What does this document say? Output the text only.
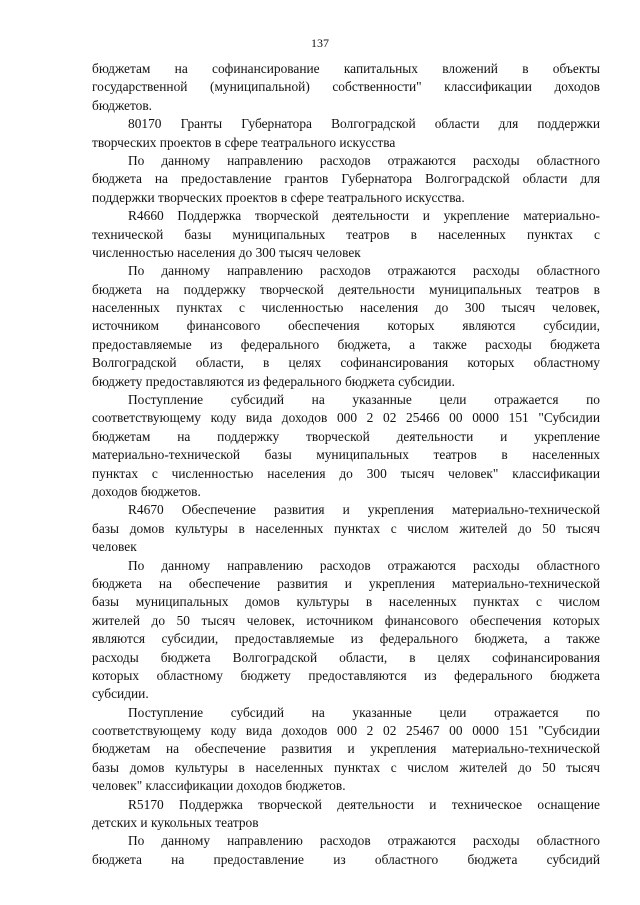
137
бюджетам на софинансирование капитальных вложений в объекты
государственной (муниципальной) собственности" классификации доходов
бюджетов.
80170 Гранты Губернатора Волгоградской области для поддержки
творческих проектов в сфере театрального искусства
По данному направлению расходов отражаются расходы областного
бюджета на предоставление грантов Губернатора Волгоградской области для
поддержки творческих проектов в сфере театрального искусства.
R4660 Поддержка творческой деятельности и укрепление материально-
технической базы муниципальных театров в населенных пунктах с
численностью населения до 300 тысяч человек
По данному направлению расходов отражаются расходы областного
бюджета на поддержку творческой деятельности муниципальных театров в
населенных пунктах с численностью населения до 300 тысяч человек,
источником финансового обеспечения которых являются субсидии,
предоставляемые из федерального бюджета, а также расходы бюджета
Волгоградской области, в целях софинансирования которых областному
бюджету предоставляются из федерального бюджета субсидии.
Поступление субсидий на указанные цели отражается по
соответствующему коду вида доходов 000 2 02 25466 00 0000 151 "Субсидии
бюджетам на поддержку творческой деятельности и укрепление
материально-технической базы муниципальных театров в населенных
пунктах с численностью населения до 300 тысяч человек" классификации
доходов бюджетов.
R4670 Обеспечение развития и укрепления материально-технической
базы домов культуры в населенных пунктах с числом жителей до 50 тысяч
человек
По данному направлению расходов отражаются расходы областного
бюджета на обеспечение развития и укрепления материально-технической
базы муниципальных домов культуры в населенных пунктах с числом
жителей до 50 тысяч человек, источником финансового обеспечения которых
являются субсидии, предоставляемые из федерального бюджета, а также
расходы бюджета Волгоградской области, в целях софинансирования
которых областному бюджету предоставляются из федерального бюджета
субсидии.
Поступление субсидий на указанные цели отражается по
соответствующему коду вида доходов 000 2 02 25467 00 0000 151 "Субсидии
бюджетам на обеспечение развития и укрепления материально-технической
базы домов культуры в населенных пунктах с числом жителей до 50 тысяч
человек" классификации доходов бюджетов.
R5170 Поддержка творческой деятельности и техническое оснащение
детских и кукольных театров
По данному направлению расходов отражаются расходы областного
бюджета на предоставление из областного бюджета субсидий
